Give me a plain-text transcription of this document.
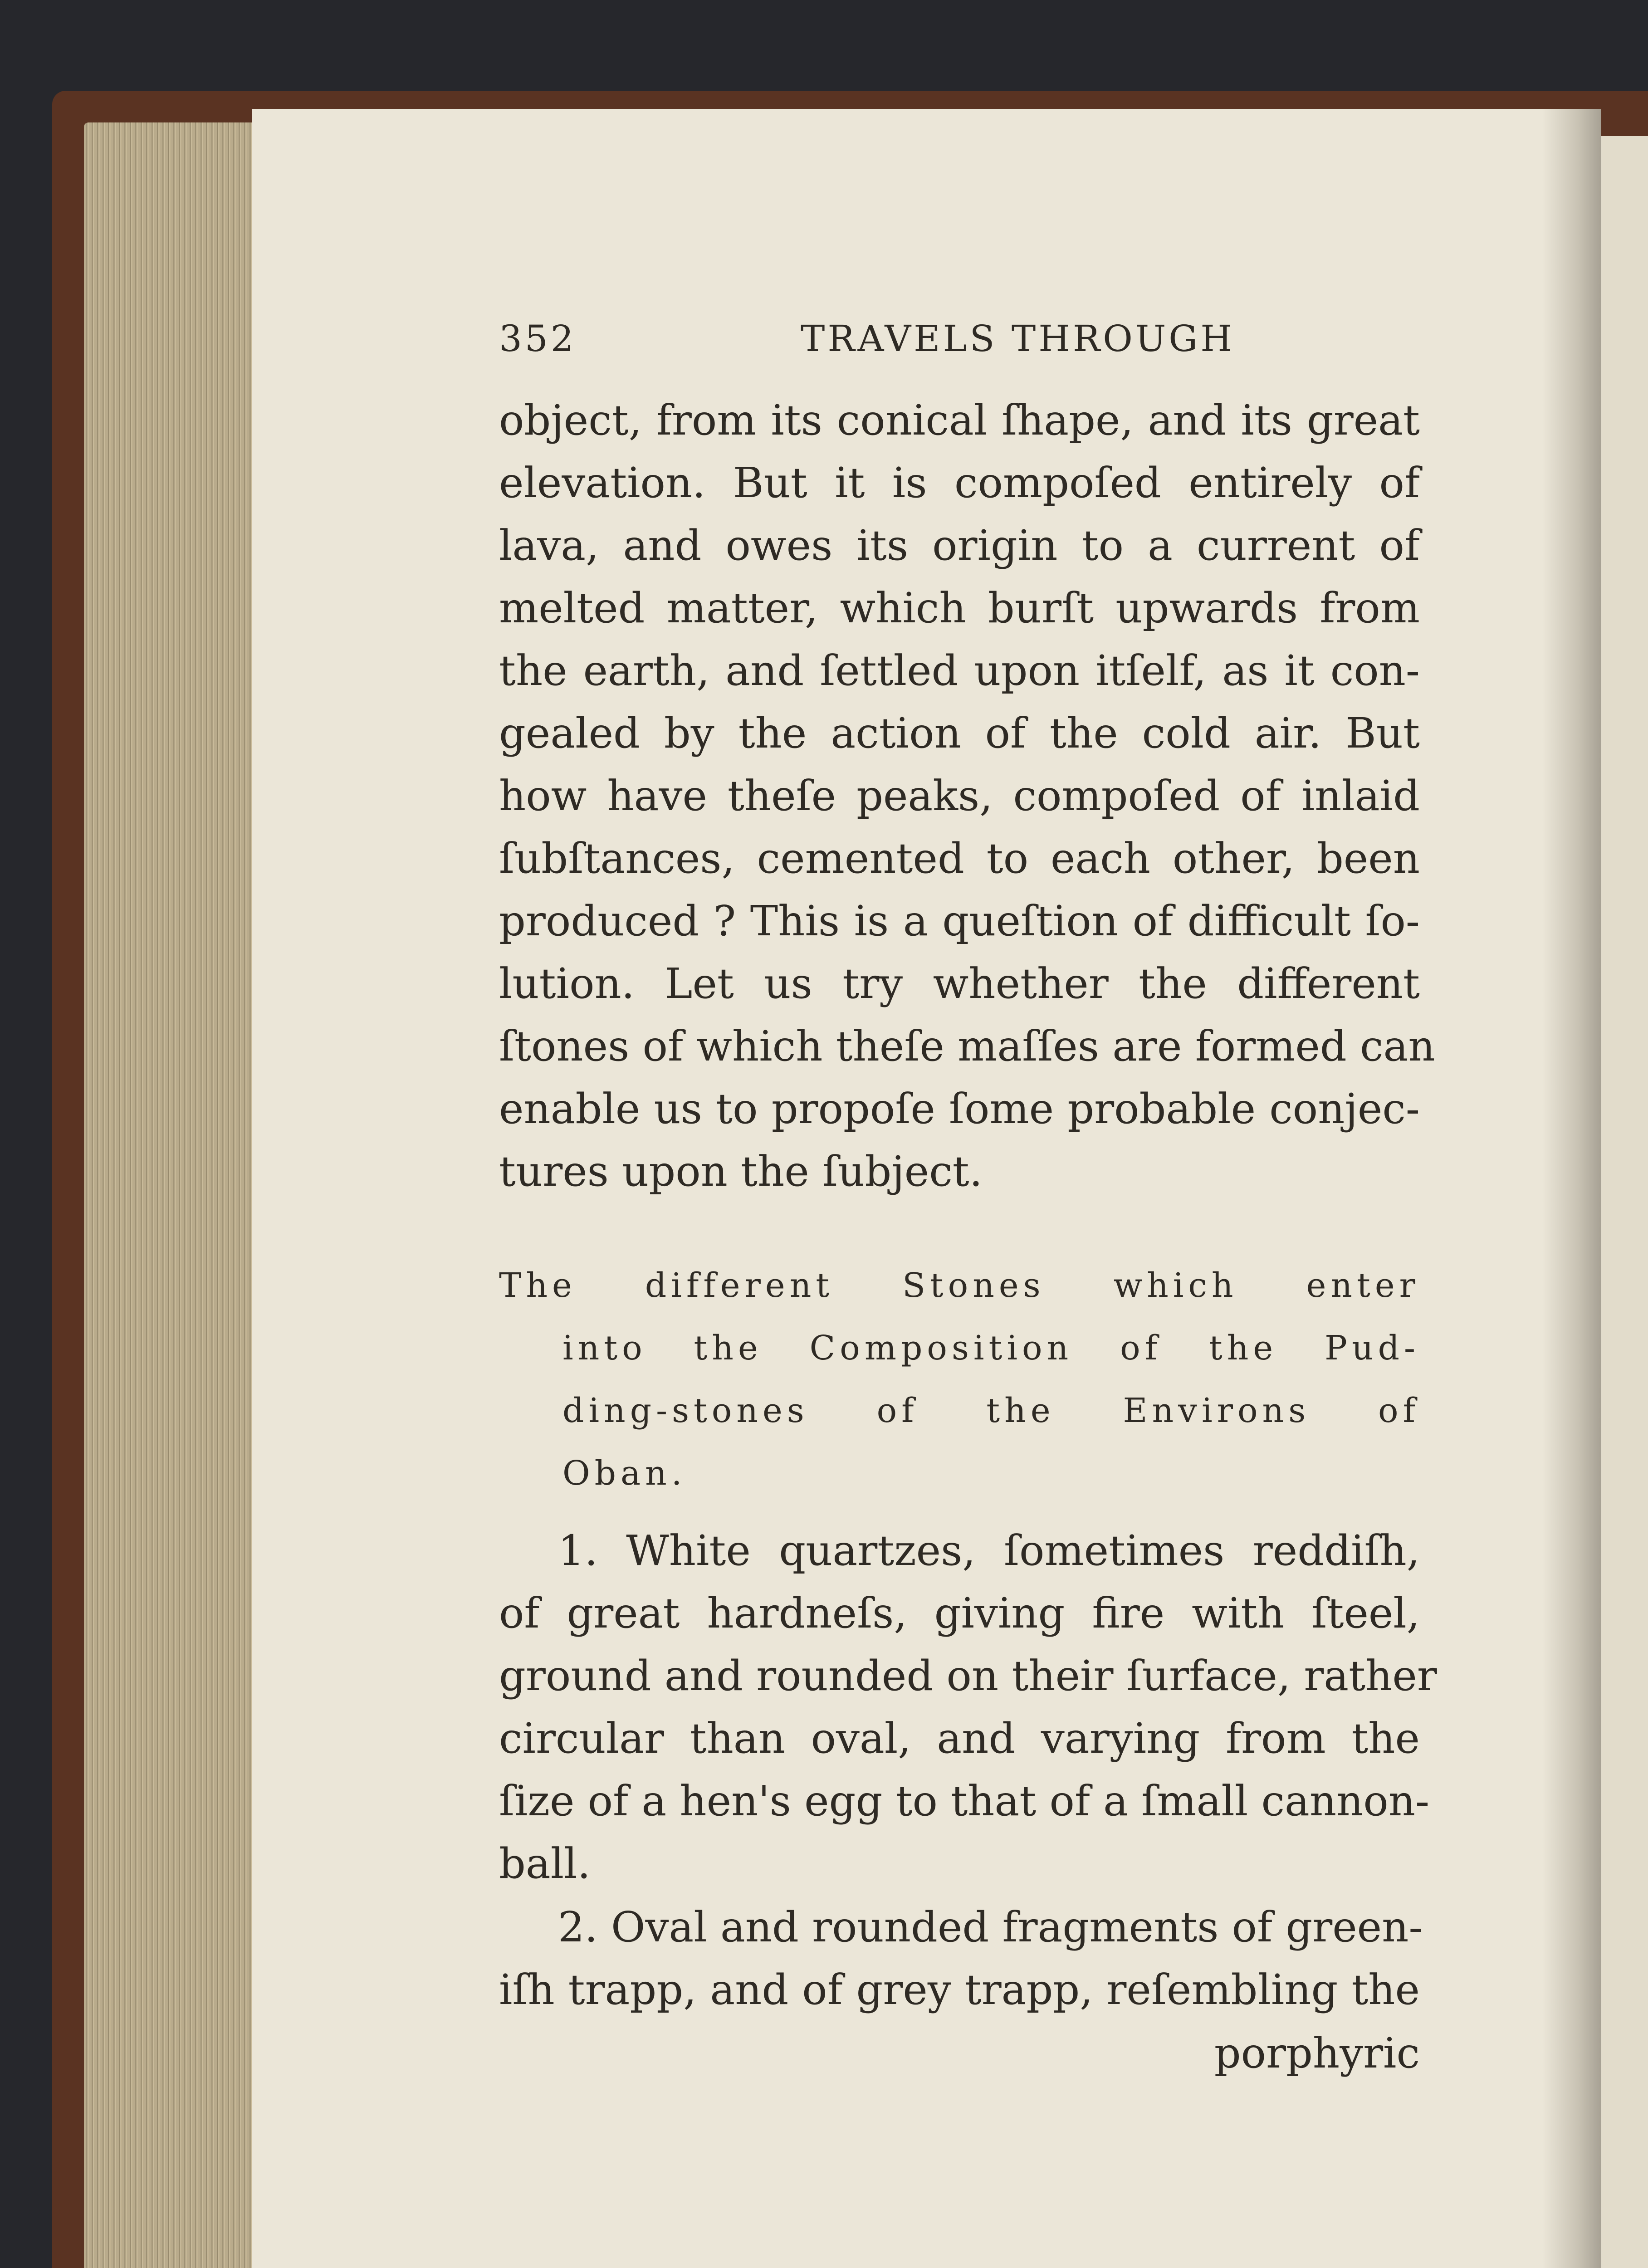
352	TRAVELS THROUGH
object, from its conical ſhape, and its great
elevation. But it is compoſed entirely of
lava, and owes its origin to a current of
melted matter, which burſt upwards from
the earth, and ſettled upon itſelf, as it con-
gealed by the action of the cold air. But
how have theſe peaks, compoſed of inlaid
ſubſtances, cemented to each other, been
produced ? This is a queſtion of difficult ſo-
lution. Let us try whether the different
ſtones of which theſe maſſes are formed can
enable us to propoſe ſome probable conjec-
tures upon the ſubject.
The different Stones which enter
into the Composition of the Pud-
ding-stones of the Environs of
Oban.
1. White quartzes, ſometimes reddiſh,
of great hardneſs, giving fire with ſteel,
ground and rounded on their ſurface, rather
circular than oval, and varying from the
ſize of a hen's egg to that of a ſmall cannon-
ball.
2. Oval and rounded fragments of green-
iſh trapp, and of grey trapp, reſembling the
porphyric
